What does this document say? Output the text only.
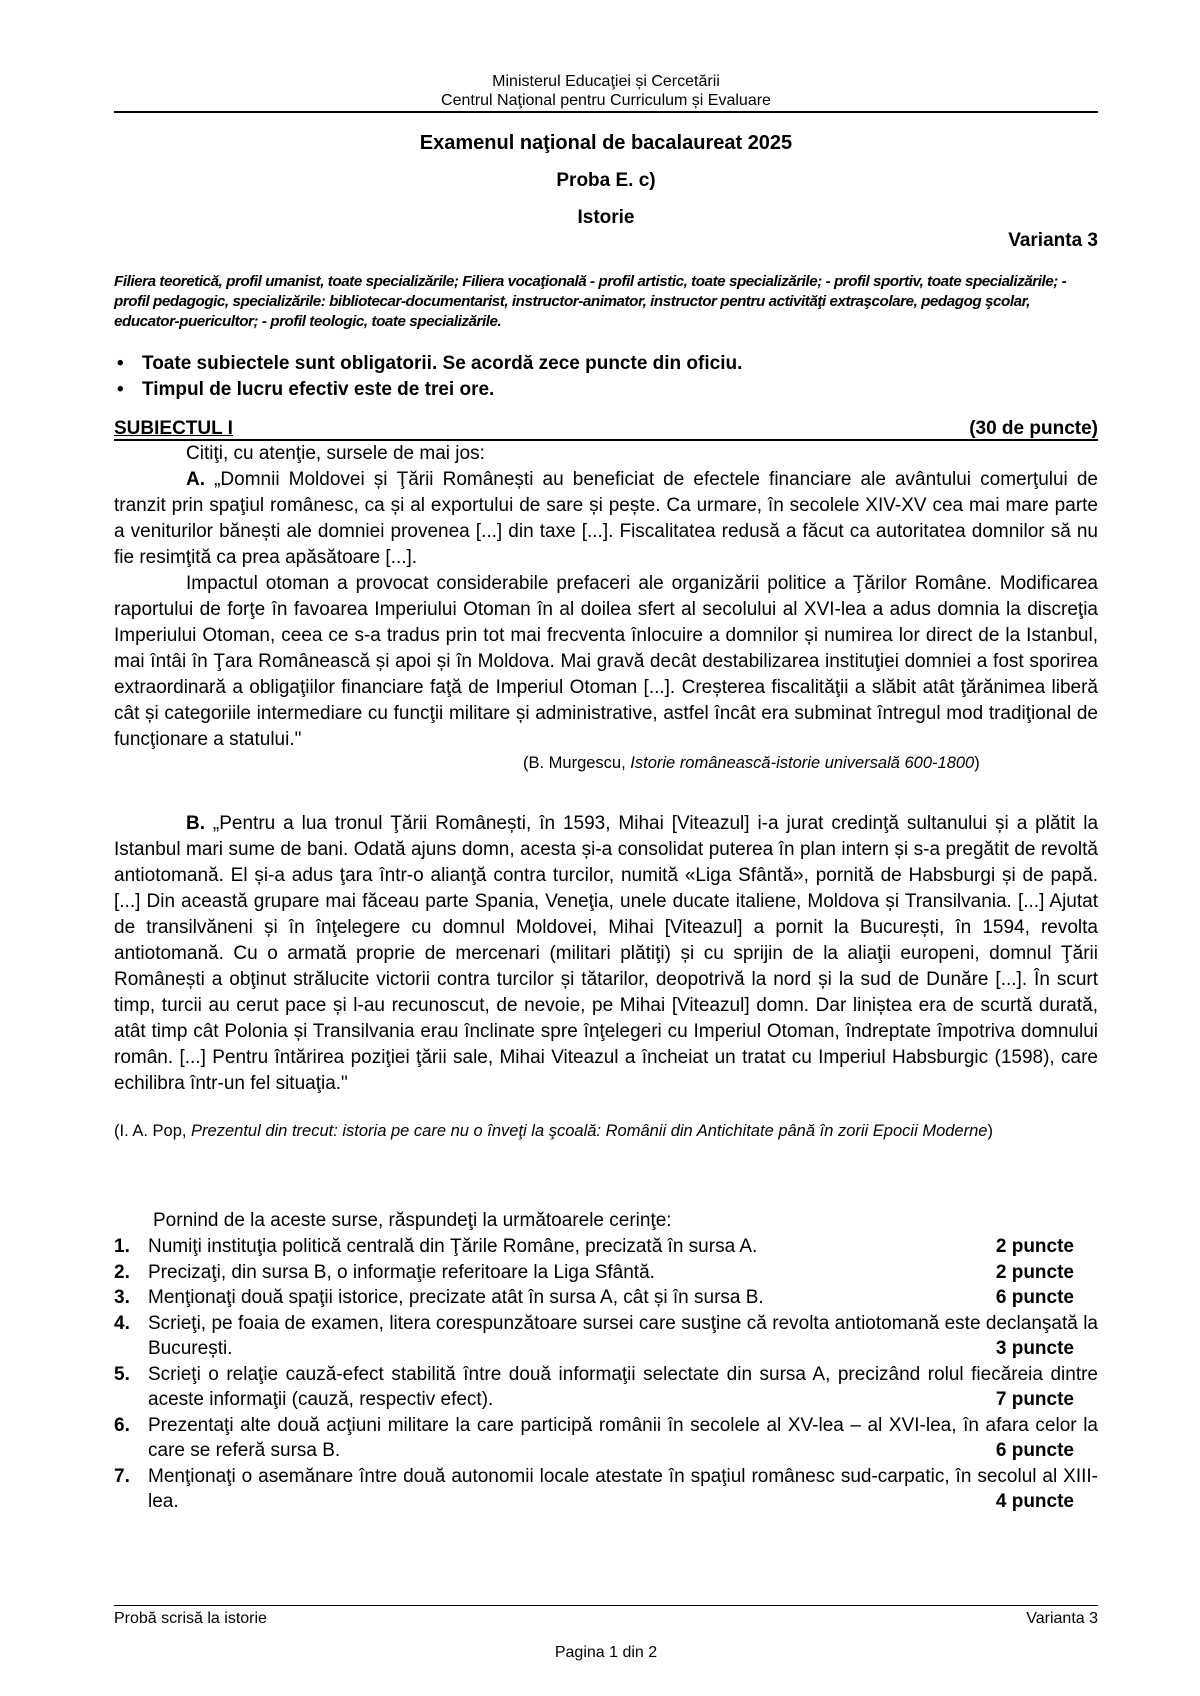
Ministerul Educaţiei și Cercetării
Centrul Naţional pentru Curriculum și Evaluare
Examenul naţional de bacalaureat 2025
Proba E. c)
Istorie
Varianta 3
Filiera teoretică, profil umanist, toate specializările; Filiera vocaţională - profil artistic, toate specializările; - profil sportiv, toate specializările; - profil pedagogic, specializările: bibliotecar-documentarist, instructor-animator, instructor pentru activităţi extraşcolare, pedagog şcolar, educator-puericultor; - profil teologic, toate specializările.
• Toate subiectele sunt obligatorii. Se acordă zece puncte din oficiu.
• Timpul de lucru efectiv este de trei ore.
SUBIECTUL I	(30 de puncte)

Citiţi, cu atenţie, sursele de mai jos:

A. „Domnii Moldovei și Ţării Românești au beneficiat de efectele financiare ale avântului comerţului de tranzit prin spaţiul românesc, ca și al exportului de sare și pește. Ca urmare, în secolele XIV-XV cea mai mare parte a veniturilor bănești ale domniei provenea [...] din taxe [...]. Fiscalitatea redusă a făcut ca autoritatea domnilor să nu fie resimţită ca prea apăsătoare [...].

Impactul otoman a provocat considerabile prefaceri ale organizării politice a Ţărilor Române. Modificarea raportului de forţe în favoarea Imperiului Otoman în al doilea sfert al secolului al XVI-lea a adus domnia la discreţia Imperiului Otoman, ceea ce s-a tradus prin tot mai frecventa înlocuire a domnilor și numirea lor direct de la Istanbul, mai întâi în Ţara Românească și apoi și în Moldova. Mai gravă decât destabilizarea instituţiei domniei a fost sporirea extraordinară a obligaţiilor financiare faţă de Imperiul Otoman [...]. Creșterea fiscalităţii a slăbit atât ţărănimea liberă cât și categoriile intermediare cu funcţii militare și administrative, astfel încât era subminat întregul mod tradiţional de funcţionare a statului."

(B. Murgescu, Istorie românească-istorie universală 600-1800)

B. „Pentru a lua tronul Ţării Românești, în 1593, Mihai [Viteazul] i-a jurat credinţă sultanului și a plătit la Istanbul mari sume de bani. Odată ajuns domn, acesta și-a consolidat puterea în plan intern și s-a pregătit de revoltă antiotomană. El și-a adus ţara într-o alianţă contra turcilor, numită «Liga Sfântă», pornită de Habsburgi și de papă. [...] Din această grupare mai făceau parte Spania, Veneţia, unele ducate italiene, Moldova și Transilvania. [...] Ajutat de transilvăneni și în înţelegere cu domnul Moldovei, Mihai [Viteazul] a pornit la București, în 1594, revolta antiotomană. Cu o armată proprie de mercenari (militari plătiţi) și cu sprijin de la aliaţii europeni, domnul Ţării Românești a obţinut strălucite victorii contra turcilor și tătarilor, deopotrivă la nord și la sud de Dunăre [...]. În scurt timp, turcii au cerut pace și l-au recunoscut, de nevoie, pe Mihai [Viteazul] domn. Dar liniștea era de scurtă durată, atât timp cât Polonia și Transilvania erau înclinate spre înţelegeri cu Imperiul Otoman, îndreptate împotriva domnului român. [...] Pentru întărirea poziţiei ţării sale, Mihai Viteazul a încheiat un tratat cu Imperiul Habsburgic (1598), care echilibra într-un fel situaţia."

(I. A. Pop, Prezentul din trecut: istoria pe care nu o înveţi la şcoală: Românii din Antichitate până în zorii Epocii Moderne)
Pornind de la aceste surse, răspundeţi la următoarele cerinţe:
1. Numiţi instituţia politică centrală din Ţările Române, precizată în sursa A.	2 puncte
2. Precizaţi, din sursa B, o informaţie referitoare la Liga Sfântă.	2 puncte
3. Menţionaţi două spaţii istorice, precizate atât în sursa A, cât și în sursa B.	6 puncte
4. Scrieţi, pe foaia de examen, litera corespunzătoare sursei care susţine că revolta antiotomană este declanşată la București.	3 puncte
5. Scrieţi o relaţie cauză-efect stabilită între două informaţii selectate din sursa A, precizând rolul fiecăreia dintre aceste informaţii (cauză, respectiv efect).	7 puncte
6. Prezentaţi alte două acţiuni militare la care participă românii în secolele al XV-lea – al XVI-lea, în afara celor la care se referă sursa B.	6 puncte
7. Menţionaţi o asemănare între două autonomii locale atestate în spaţiul românesc sud-carpatic, în secolul al XIII-lea.	4 puncte
Probă scrisă la istorie	Varianta 3
Pagina 1 din 2
